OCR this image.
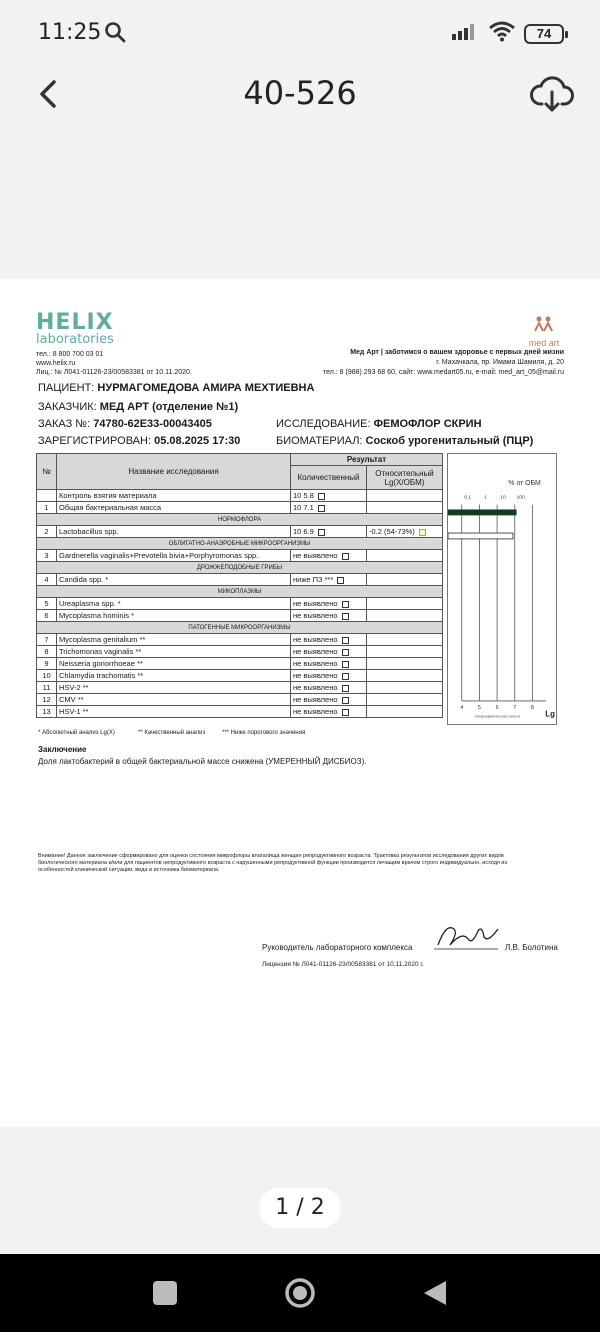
11:25	74
40-526
HELIX
laboratories	med art
тел.: 8 800 700 03 01
www.helix.ru
Лиц.: № Л041-01126-23/00583381 от 10.11.2020.
Мед Арт | заботимся о вашем здоровье с первых дней жизни
г. Махачкала, пр. Имама Шамиля, д. 20
тел.: 8 (988) 293 68 60, сайт: www.medart05.ru, e-mail: med_art_05@mail.ru
ПАЦИЕНТ: НУРМАГОМЕДОВА АМИРА МЕХТИЕВНА
ЗАКАЗЧИК: МЕД АРТ (отделение №1)
ЗАКАЗ №: 74780-62E33-00043405
ЗАРЕГИСТРИРОВАН: 05.08.2025 17:30
ИССЛЕДОВАНИЕ: ФЕМОФЛОР СКРИН
БИОМАТЕРИАЛ: Соскоб урогенитальный (ПЦР)
№	Название исследования	Результат	
		Количественный	Относительный Lg(Х/ОБМ)
	Контроль взятия материала	10 5.8	
1	Общая бактериальная масса	10 7.1	
НОРМОФЛОРА			
2	Lactobacillus spp.	10 6.9	-0.2 (54-73%)
ОБЛИГАТНО-АНАЭРОБНЫЕ МИКРООРГАНИЗМЫ			
3	Gardnerella vaginalis+Prevotella bivia+Porphyromonas spp.	не выявлено	
ДРОЖЖЕПОДОБНЫЕ ГРИБЫ			
4	Candida spp. *	ниже ПЗ ***	
МИКОПЛАЗМЫ			
5	Ureaplasma spp. *	не выявлено	
6	Mycoplasma hominis *	не выявлено	
ПАТОГЕННЫЕ МИКРООРГАНИЗМЫ			
7	Mycoplasma genitalium **	не выявлено	
8	Trichomonas vaginalis **	не выявлено	
9	Neisseria gonorrhoeae **	не выявлено	
10	Chlamydia trachomatis **	не выявлено	
11	HSV-2 **	не выявлено	
12	CMV **	не выявлено	
13	HSV-1 **	не выявлено	
% от ОБМ
0.1	1	10 100
4	5	6	7	8
Lg
логарифмическая шкала
* Абсолютный анализ Lg(X)	** Качественный анализ	*** Ниже порогового значения
Заключение
Доля лактобактерий в общей бактериальной массе снижена (УМЕРЕННЫЙ ДИСБИОЗ).
Внимание! Данное заключение сформировано для оценки состояния микрофлоры влагалища женщин репродуктивного возраста. Трактовка результатов исследования других видов биологического материала и/или для пациентов непродуктивного возраста с нарушенными репродуктивной функции производится лечащим врачом строго индивидуально, исходя из особенностей клинической ситуации, вида и источника биоматериала.
Руководитель лабораторного комплекса	Л.В. Болотина
Лицензия № Л041-01126-23/00583381 от 10.11.2020 г.
1 / 2
